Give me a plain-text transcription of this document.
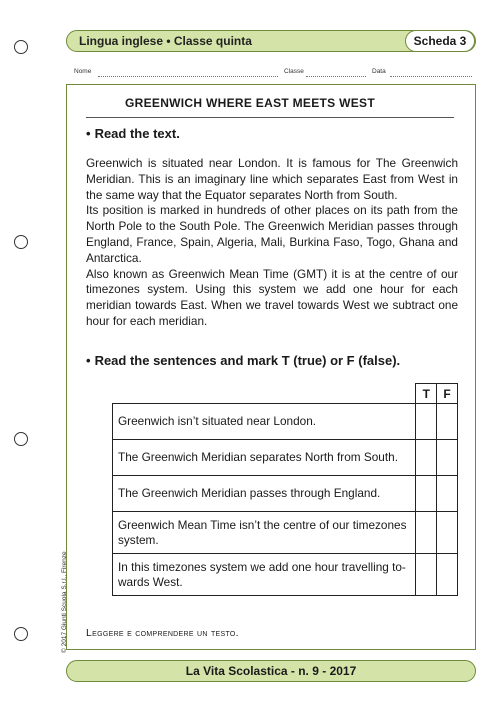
Lingua inglese • Classe quinta	Scheda 3
Nome	Classe	Data
GREENWICH WHERE EAST MEETS WEST
• Read the text.
Greenwich is situated near London. It is famous for The Greenwich Meridian. This is an imaginary line which separates East from West in the same way that the Equator separates North from South.
Its position is marked in hundreds of other places on its path from the North Pole to the South Pole. The Greenwich Meridian passes through England, France, Spain, Algeria, Mali, Burkina Faso, Togo, Ghana and Antarctica.
Also known as Greenwich Mean Time (GMT) it is at the centre of our timezones system. Using this system we add one hour for each meridian towards East. When we travel towards West we subtract one hour for each meridian.
• Read the sentences and mark T (true) or F (false).
	T	F
Greenwich isn’t situated near London.		
The Greenwich Meridian separates North from South.		
The Greenwich Meridian passes through England.		
Greenwich Mean Time isn’t the centre of our timezones system.		
In this timezones system we add one hour travelling to-wards West.		
Leggere e comprendere un testo.
© 2017 Giunti Scuola S.r.l., Firenze
La Vita Scolastica - n. 9 - 2017
